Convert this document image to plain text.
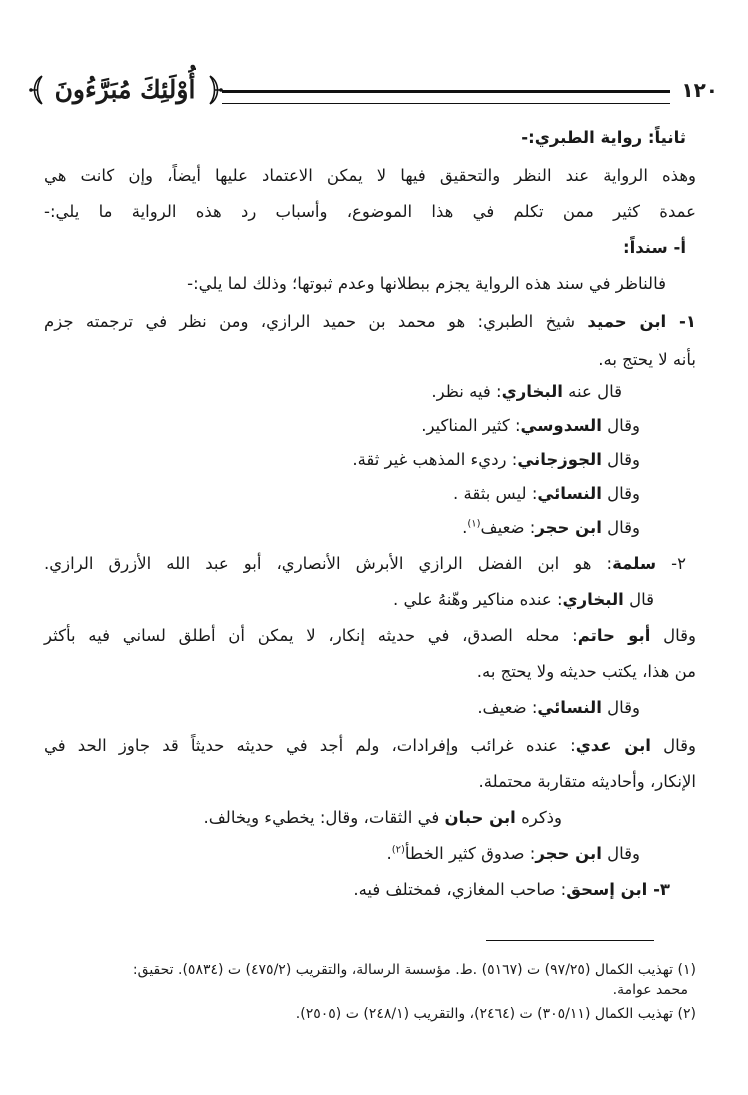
١٢٠
أُوْلَئِكَ مُبَرَّءُونَ
ثانياً: رواية الطبري:-
وهذه الرواية عند النظر والتحقيق فيها لا يمكن الاعتماد عليها أيضاً، وإن كانت هي
عمدة كثير ممن تكلم في هذا الموضوع، وأسباب رد هذه الرواية ما يلي:-
أ- سنداً:
فالناظر في سند هذه الرواية يجزم ببطلانها وعدم ثبوتها؛ وذلك لما يلي:-
١- ابن حميد شيخ الطبري: هو محمد بن حميد الرازي، ومن نظر في ترجمته جزم
بأنه لا يحتج به.
قال عنه البخاري: فيه نظر.
وقال السدوسي: كثير المناكير.
وقال الجوزجاني: رديء المذهب غير ثقة.
وقال النسائي: ليس بثقة .
وقال ابن حجر: ضعيف$^{(١)}$.
٢- سلمة: هو ابن الفضل الرازي الأبرش الأنصاري، أبو عبد الله الأزرق الرازي.
قال البخاري: عنده مناكير وهّنهُ علي .
وقال أبو حاتم: محله الصدق، في حديثه إنكار، لا يمكن أن أطلق لساني فيه بأكثر
من هذا، يكتب حديثه ولا يحتج به.
وقال النسائي: ضعيف.
وقال ابن عدي: عنده غرائب وإفرادات، ولم أجد في حديثه حديثاً قد جاوز الحد في
الإنكار، وأحاديثه متقاربة محتملة.
وذكره ابن حبان في الثقات، وقال: يخطيء ويخالف.
وقال ابن حجر: صدوق كثير الخطأ$^{(٢)}$.
٣- ابن إسحق: صاحب المغازي، فمختلف فيه.
(١) تهذيب الكمال (٩٧/٢٥) ت (٥١٦٧) .ط. مؤسسة الرسالة، والتقريب (٤٧٥/٢) ت (٥٨٣٤). تحقيق:
محمد عوامة.
(٢) تهذيب الكمال (٣٠٥/١١) ت (٢٤٦٤)، والتقريب (٢٤٨/١) ت (٢٥٠٥).
